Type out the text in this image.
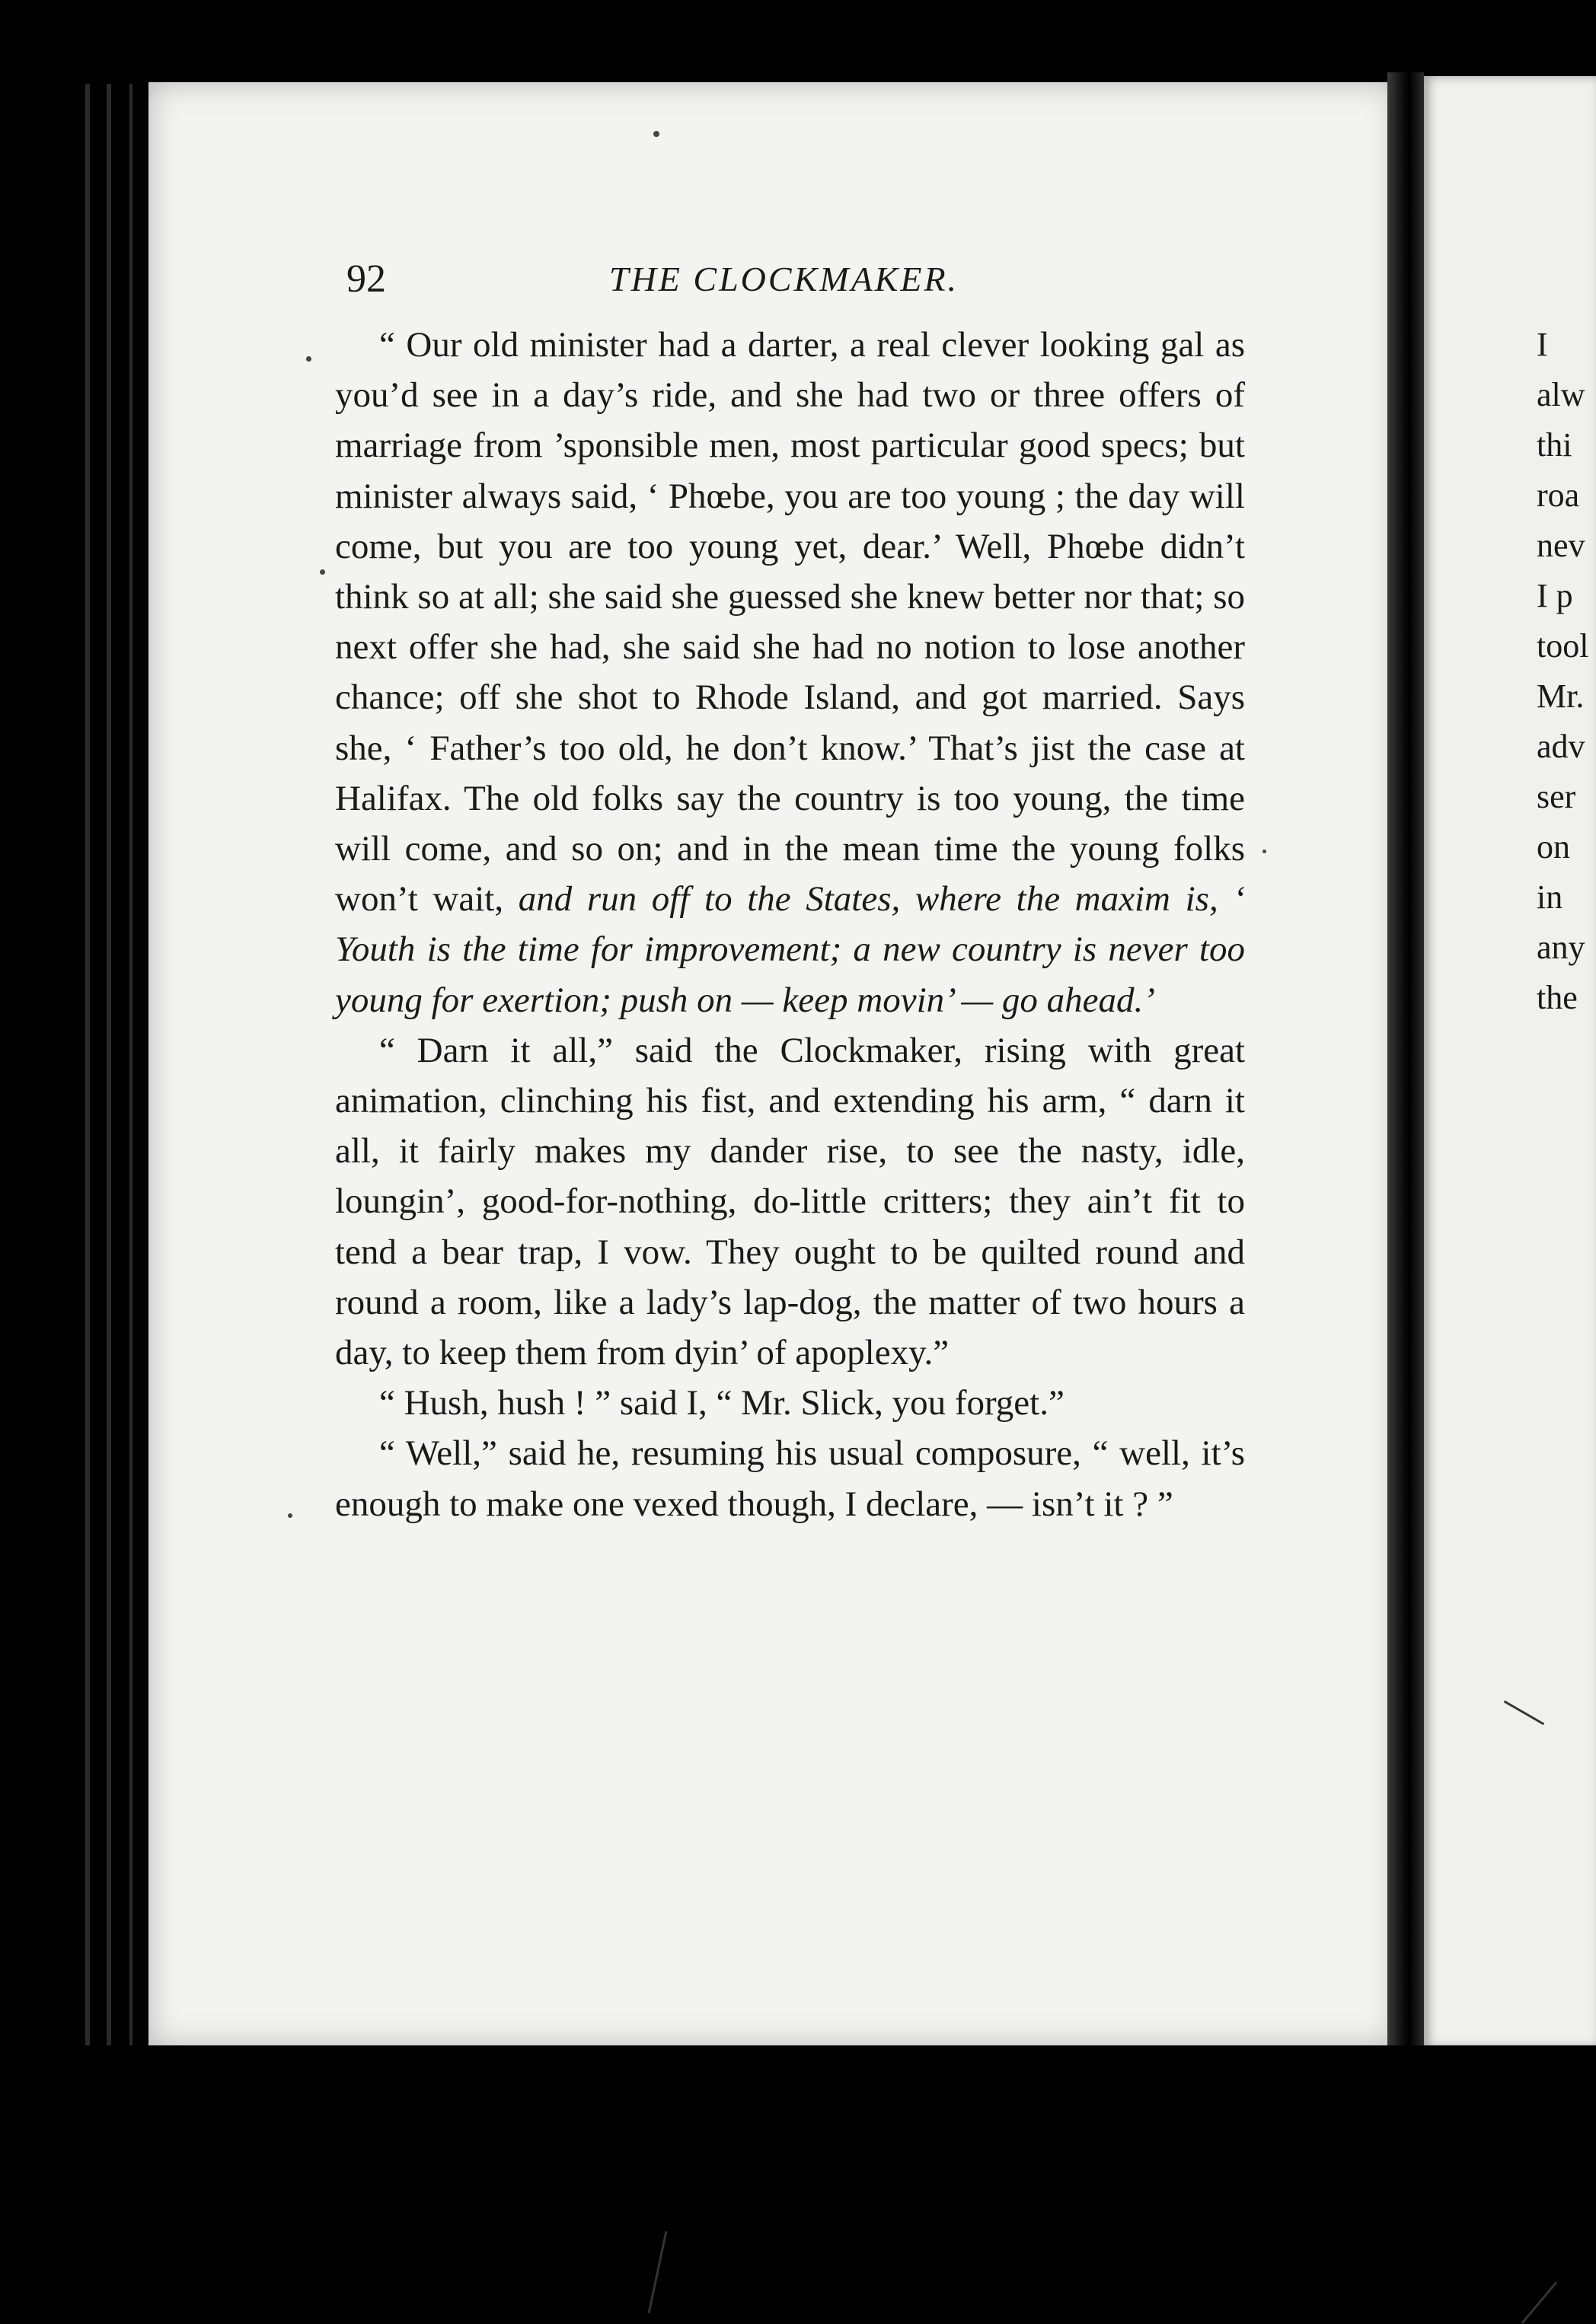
92	THE CLOCKMAKER.

“ Our old minister had a darter, a real clever looking gal as you’d see in a day’s ride, and she had two or three offers of marriage from ’sponsible men, most particular good specs; but minister always said, ‘ Phœbe, you are too young ; the day will come, but you are too young yet, dear.’ Well, Phœbe didn’t think so at all; she said she guessed she knew better nor that; so next offer she had, she said she had no notion to lose another chance; off she shot to Rhode Island, and got married. Says she, ‘ Father’s too old, he don’t know.’ That’s jist the case at Halifax. The old folks say the country is too young, the time will come, and so on; and in the mean time the young folks won’t wait, and run off to the States, where the maxim is, ‘ Youth is the time for improvement; a new country is never too young for exertion; push on — keep movin’ — go ahead.’

“ Darn it all,” said the Clockmaker, rising with great animation, clinching his fist, and extending his arm, “ darn it all, it fairly makes my dander rise, to see the nasty, idle, loungin’, good-for-nothing, do-little critters; they ain’t fit to tend a bear trap, I vow. They ought to be quilted round and round a room, like a lady’s lap-dog, the matter of two hours a day, to keep them from dyin’ of apoplexy.”

“ Hush, hush ! ” said I, “ Mr. Slick, you forget.”

“ Well,” said he, resuming his usual composure, “ well, it’s enough to make one vexed though, I declare, — isn’t it ? ”

I
alw
thi
roa
nev
I p
tool
Mr.
adv
ser
on
in
any
the
